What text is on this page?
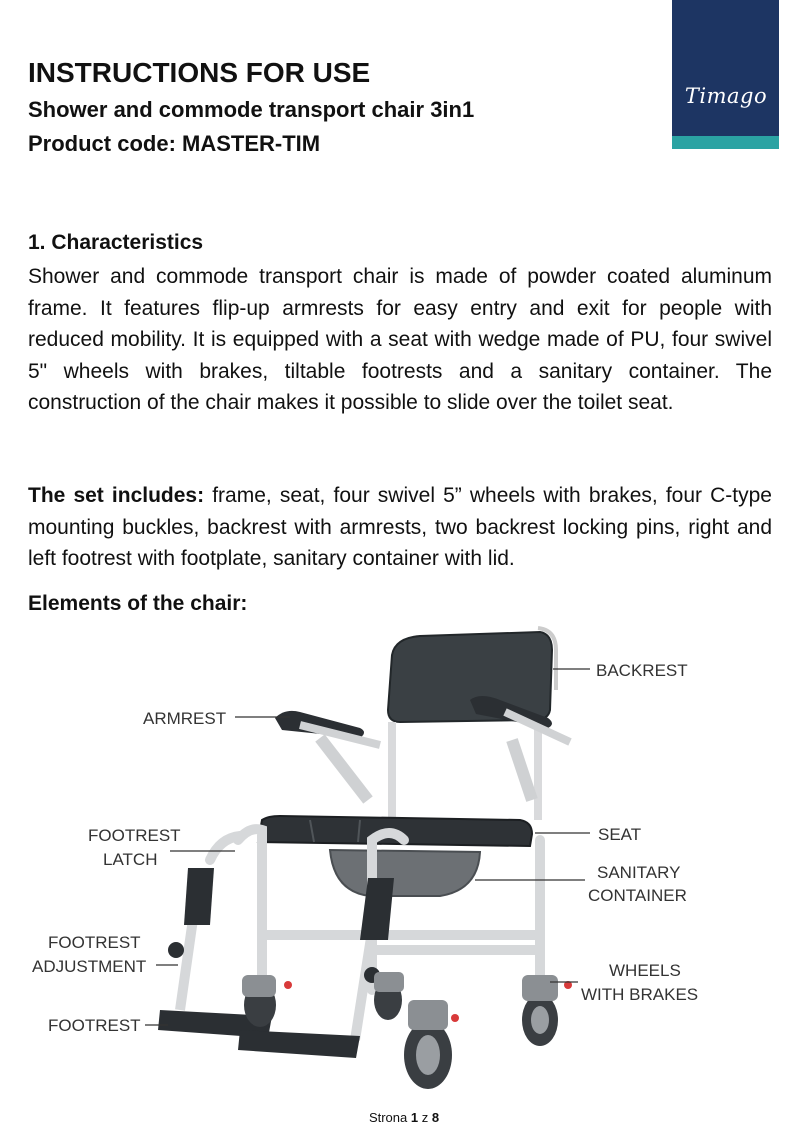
Timago
INSTRUCTIONS FOR USE
Shower and commode transport chair 3in1
Product code: MASTER-TIM
1. Characteristics

Shower and commode transport chair is made of powder coated aluminum frame. It features flip-up armrests for easy entry and exit for people with reduced mobility. It is equipped with a seat with wedge made of PU, four swivel 5" wheels with brakes, tiltable footrests and a sanitary container. The construction of the chair makes it possible to slide over the toilet seat.

The set includes: frame, seat, four swivel 5” wheels with brakes, four C-type mounting buckles, backrest with armrests, two backrest locking pins, right and left footrest with footplate, sanitary container with lid.

Elements of the chair:
BACKREST
ARMREST
FOOTREST
LATCH
SEAT
SANITARY
CONTAINER
FOOTREST
ADJUSTMENT	WHEELS
WITH BRAKES
FOOTREST
Strona 1 z 8
